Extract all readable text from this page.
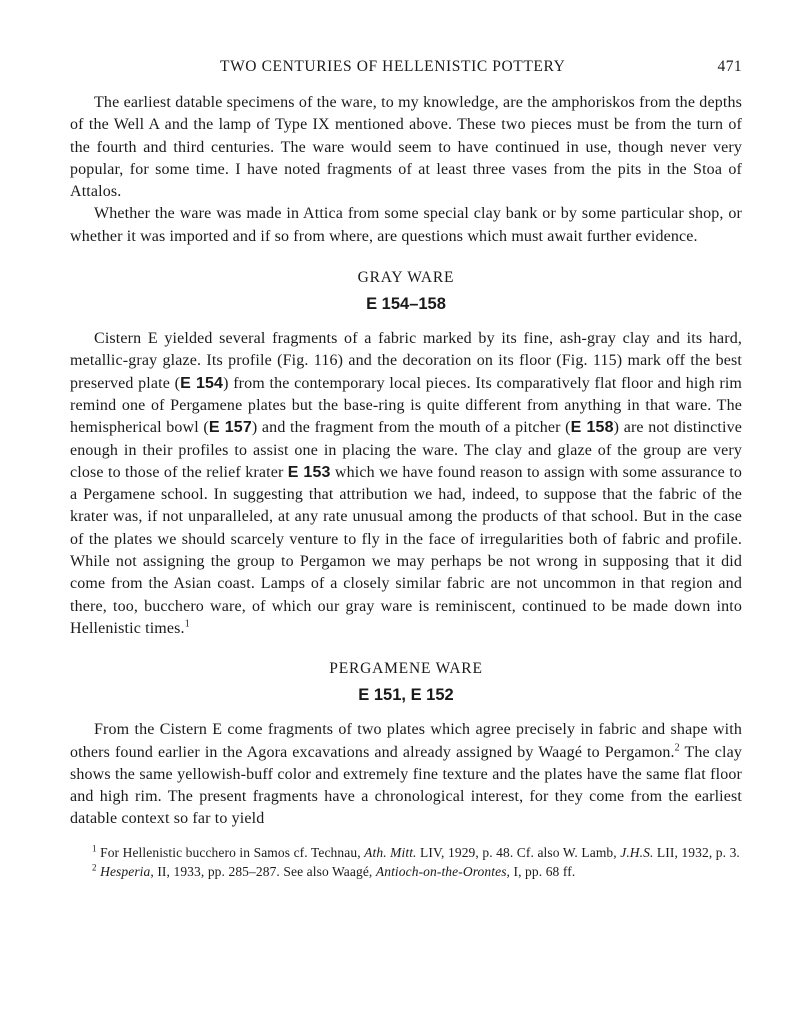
TWO CENTURIES OF HELLENISTIC POTTERY	471

The earliest datable specimens of the ware, to my knowledge, are the amphoriskos from the depths of the Well A and the lamp of Type IX mentioned above. These two pieces must be from the turn of the fourth and third centuries. The ware would seem to have continued in use, though never very popular, for some time. I have noted fragments of at least three vases from the pits in the Stoa of Attalos.

Whether the ware was made in Attica from some special clay bank or by some particular shop, or whether it was imported and if so from where, are questions which must await further evidence.

GRAY WARE

E 154–158

Cistern E yielded several fragments of a fabric marked by its fine, ash-gray clay and its hard, metallic-gray glaze. Its profile (Fig. 116) and the decoration on its floor (Fig. 115) mark off the best preserved plate (E 154) from the contemporary local pieces. Its comparatively flat floor and high rim remind one of Pergamene plates but the base-ring is quite different from anything in that ware. The hemispherical bowl (E 157) and the fragment from the mouth of a pitcher (E 158) are not distinctive enough in their profiles to assist one in placing the ware. The clay and glaze of the group are very close to those of the relief krater E 153 which we have found reason to assign with some assurance to a Pergamene school. In suggesting that attribution we had, indeed, to suppose that the fabric of the krater was, if not unparalleled, at any rate unusual among the products of that school. But in the case of the plates we should scarcely venture to fly in the face of irregularities both of fabric and profile. While not assigning the group to Pergamon we may perhaps be not wrong in supposing that it did come from the Asian coast. Lamps of a closely similar fabric are not uncommon in that region and there, too, bucchero ware, of which our gray ware is reminiscent, continued to be made down into Hellenistic times.$^1$

PERGAMENE WARE

E 151, E 152

From the Cistern E come fragments of two plates which agree precisely in fabric and shape with others found earlier in the Agora excavations and already assigned by Waagé to Pergamon.$^2$ The clay shows the same yellowish-buff color and extremely fine texture and the plates have the same flat floor and high rim. The present fragments have a chronological interest, for they come from the earliest datable context so far to yield

$^1$ For Hellenistic bucchero in Samos cf. Technau, Ath. Mitt. LIV, 1929, p. 48. Cf. also W. Lamb, J.H.S. LII, 1932, p. 3.

$^2$ Hesperia, II, 1933, pp. 285–287. See also Waagé, Antioch-on-the-Orontes, I, pp. 68 ff.
